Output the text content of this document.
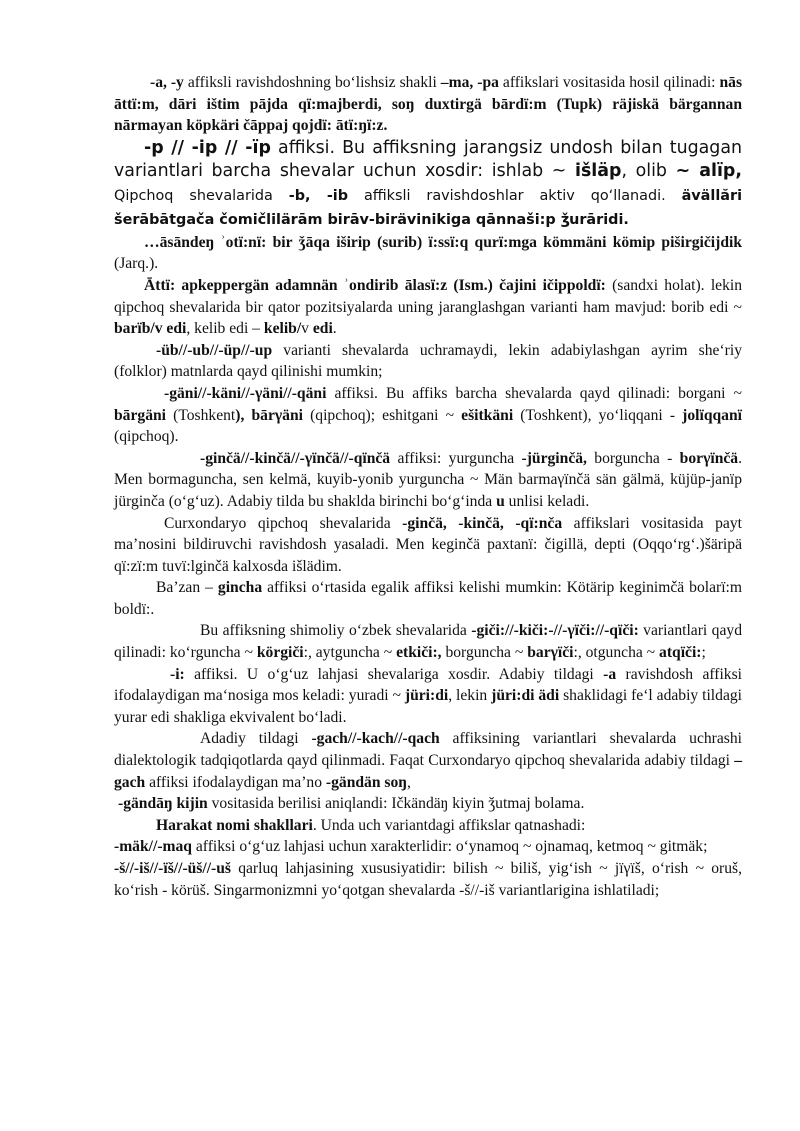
-a, -y affiksli ravishdoshning bo‘lishsiz shakli –ma, -pa affikslari vositasida hosil qilinadi: nās āttï:m, dāri ištim pājda qï:majberdi, soŋ duxtirgä bārdï:m (Tupk) räjiskä bärgannan nārmayan köpkäri čāppaj qojdï: ātï:ŋï:z.

-p // -ip // -ïp affiksi. Bu affiksning jarangsiz undosh bilan tugagan variantlari barcha shevalar uchun xosdir: ishlab ~ išläp, olib ~ alïp, Qipchoq shevalarida -b, -ib affiksli ravishdoshlar aktiv qo‘llanadi. ävällări šerābātgača čomičlilärām birāv-birävinikiga qānnaši:p ǯurāridi.

…āsāndeŋ ʾotï:nï: bir ǯāqa iširip (surib) ï:ssï:q qurï:mga kömmäni kömip piširgičijdik (Jarq.).

Āttï: apkeppergän adamnän ʾondirib ālasï:z (Ism.) čajini ičippoldï: (sandxi holat). lekin qipchoq shevalarida bir qator pozitsiyalarda uning jaranglashgan varianti ham mavjud: borib edi ~ barïb/v edi, kelib edi – kelib/v edi.

-üb//-ub//-üp//-up varianti shevalarda uchramaydi, lekin adabiylashgan ayrim she‘riy (folklor) matnlarda qayd qilinishi mumkin;

-gäni//-käni//-γäni//-qäni affiksi. Bu affiks barcha shevalarda qayd qilinadi: borgani ~ bārgäni (Toshkent), bārγäni (qipchoq); eshitgani ~ ešitkäni (Toshkent), yo‘liqqani - jolïqqanï (qipchoq).

-ginčä//-kinčä//-γïnčä//-qïnčä affiksi: yurguncha -jürginčä, borguncha - borγïnčä. Men bormaguncha, sen kelmä, kuyib-yonib yurguncha ~ Män barmaγïnčä sän gälmä, küjüp-janïp jürginča (o‘g‘uz). Adabiy tilda bu shaklda birinchi bo‘g‘inda u unlisi keladi.

Curxondaryo qipchoq shevalarida -ginčä, -kinčä, -qï:nča affikslari vositasida payt ma’nosini bildiruvchi ravishdosh yasaladi. Men keginčä paxtanï: čigillä, depti (Oqqo‘rg‘.)šäripä qï:zï:m tuvï:lginčä kalxosda išlädim.

Ba’zan – gincha affiksi o‘rtasida egalik affiksi kelishi mumkin: Kötärip keginimčä bolarï:m boldï:.

Bu affiksning shimoliy o‘zbek shevalarida -giči://-kiči:-//-γïči://-qïči: variantlari qayd qilinadi: ko‘rguncha ~ körgiči:, aytguncha ~ etkiči:, borguncha ~ barγïči:, otguncha ~ atqïči:;

-i: affiksi. U o‘g‘uz lahjasi shevalariga xosdir. Adabiy tildagi -a ravishdosh affiksi ifodalaydigan ma‘nosiga mos keladi: yuradi ~ jüri:di, lekin jüri:di ädi shaklidagi fe‘l adabiy tildagi yurar edi shakliga ekvivalent bo‘ladi.

Adadiy tildagi -gach//-kach//-qach affiksining variantlari shevalarda uchrashi dialektologik tadqiqotlarda qayd qilinmadi. Faqat Curxondaryo qipchoq shevalarida adabiy tildagi –gach affiksi ifodalaydigan ma’no -gändän soŋ,

-gändāŋ kijin vositasida berilisi aniqlandi: Ičkändäŋ kiyin ǯutmaj bolama.

Harakat nomi shakllari. Unda uch variantdagi affikslar qatnashadi:

-mäk//-maq affiksi o‘g‘uz lahjasi uchun xarakterlidir: o‘ynamoq ~ ojnamaq, ketmoq ~ gitmäk;

-š//-iš//-ïš//-üš//-uš qarluq lahjasining xususiyatidir: bilish ~ biliš, yig‘ish ~ jïγïš, o‘rish ~ oruš, ko‘rish - körüš. Singarmonizmni yo‘qotgan shevalarda -š//-iš variantlarigina ishlatiladi;
